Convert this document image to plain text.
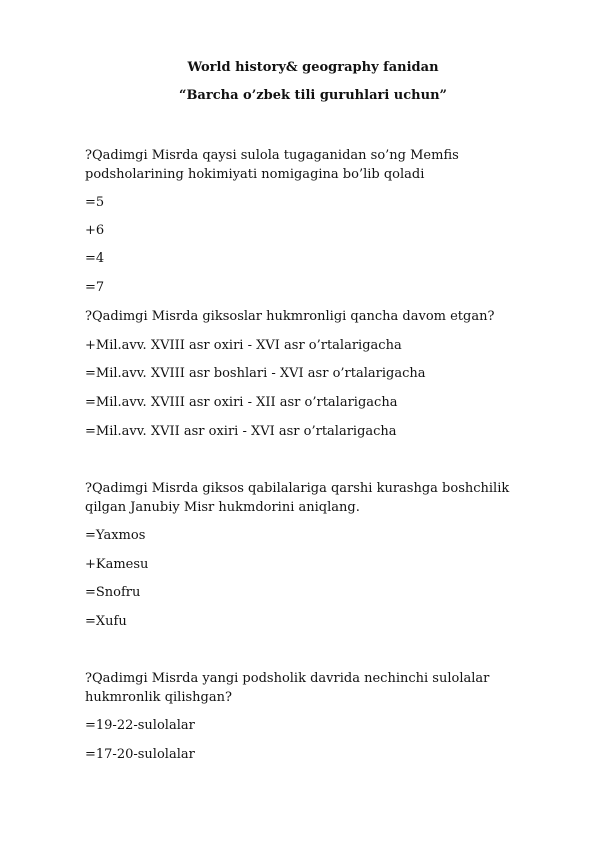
World history& geography fanidan
“Barcha o’zbek tili guruhlari uchun”
?Qadimgi Misrda qaysi sulola tugaganidan so’ng Memfis podsholarining hokimiyati nomigagina bo’lib qoladi
=5
+6
=4
=7
?Qadimgi Misrda giksoslar hukmronligi qancha davom etgan?
+Mil.avv. XVIII asr oxiri - XVI asr o’rtalarigacha
=Mil.avv. XVIII asr boshlari - XVI asr o’rtalarigacha
=Mil.avv. XVIII asr oxiri - XII asr o’rtalarigacha
=Mil.avv. XVII asr oxiri - XVI asr o’rtalarigacha
?Qadimgi Misrda giksos qabilalariga qarshi kurashga boshchilik qilgan Janubiy Misr hukmdorini aniqlang.
=Yaxmos
+Kamesu
=Snofru
=Xufu
?Qadimgi Misrda yangi podsholik davrida nechinchi sulolalar hukmronlik qilishgan?
=19-22-sulolalar
=17-20-sulolalar
